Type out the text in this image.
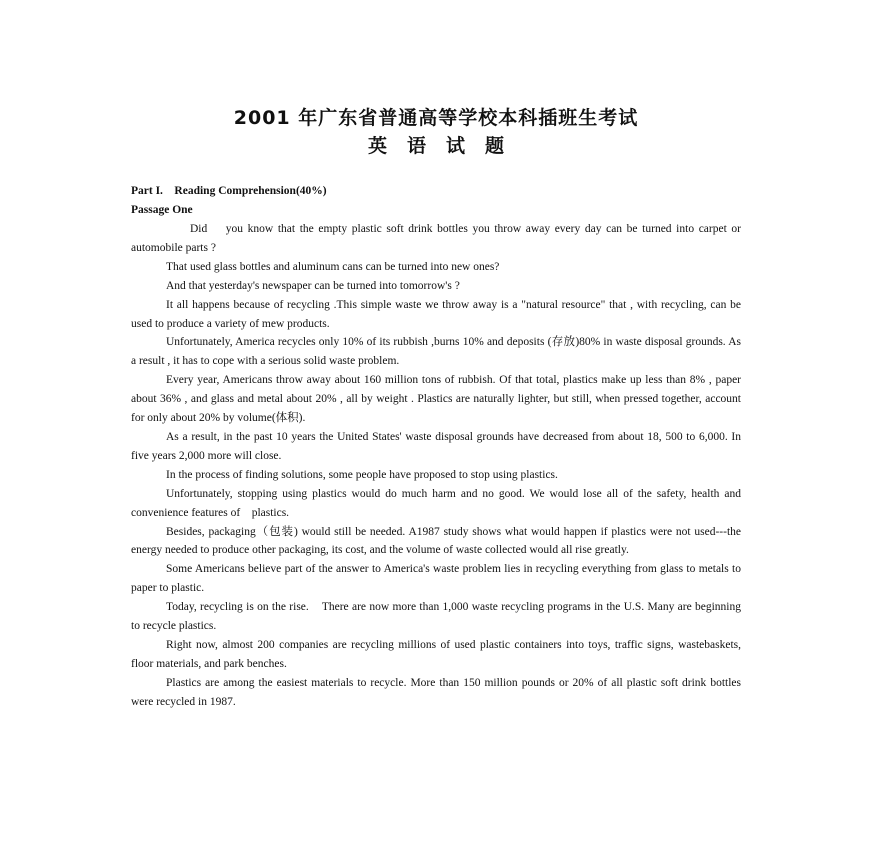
2001 年广东省普通高等学校本科插班生考试
英语试题
Part I.    Reading Comprehension(40%)
Passage One

Did    you know that the empty plastic soft drink bottles you throw away every day can be turned into carpet or automobile parts ?

That used glass bottles and aluminum cans can be turned into new ones?

And that yesterday's newspaper can be turned into tomorrow's ?

It all happens because of recycling .This simple waste we throw away is a "natural resource" that , with recycling, can be used to produce a variety of mew products.

Unfortunately, America recycles only 10% of its rubbish ,burns 10% and deposits (存放)80% in waste disposal grounds. As a result , it has to cope with a serious solid waste problem.

Every year, Americans throw away about 160 million tons of rubbish. Of that total, plastics make up less than 8% , paper about 36% , and glass and metal about 20% , all by weight . Plastics are naturally lighter, but still, when pressed together, account for only about 20% by volume(体积).

As a result, in the past 10 years the United States' waste disposal grounds have decreased from about 18, 500 to 6,000. In five years 2,000 more will close.

In the process of finding solutions, some people have proposed to stop using plastics.

Unfortunately, stopping using plastics would do much harm and no good. We would lose all of the safety, health and convenience features of    plastics.

Besides, packaging（包装) would still be needed. A1987 study shows what would happen if plastics were not used---the energy needed to produce other packaging, its cost, and the volume of waste collected would all rise greatly.

Some Americans believe part of the answer to America's waste problem lies in recycling everything from glass to metals to paper to plastic.

Today, recycling is on the rise.    There are now more than 1,000 waste recycling programs in the U.S. Many are beginning to recycle plastics.

Right now, almost 200 companies are recycling millions of used plastic containers into toys, traffic signs, wastebaskets, floor materials, and park benches.

Plastics are among the easiest materials to recycle. More than 150 million pounds or 20% of all plastic soft drink bottles were recycled in 1987.
